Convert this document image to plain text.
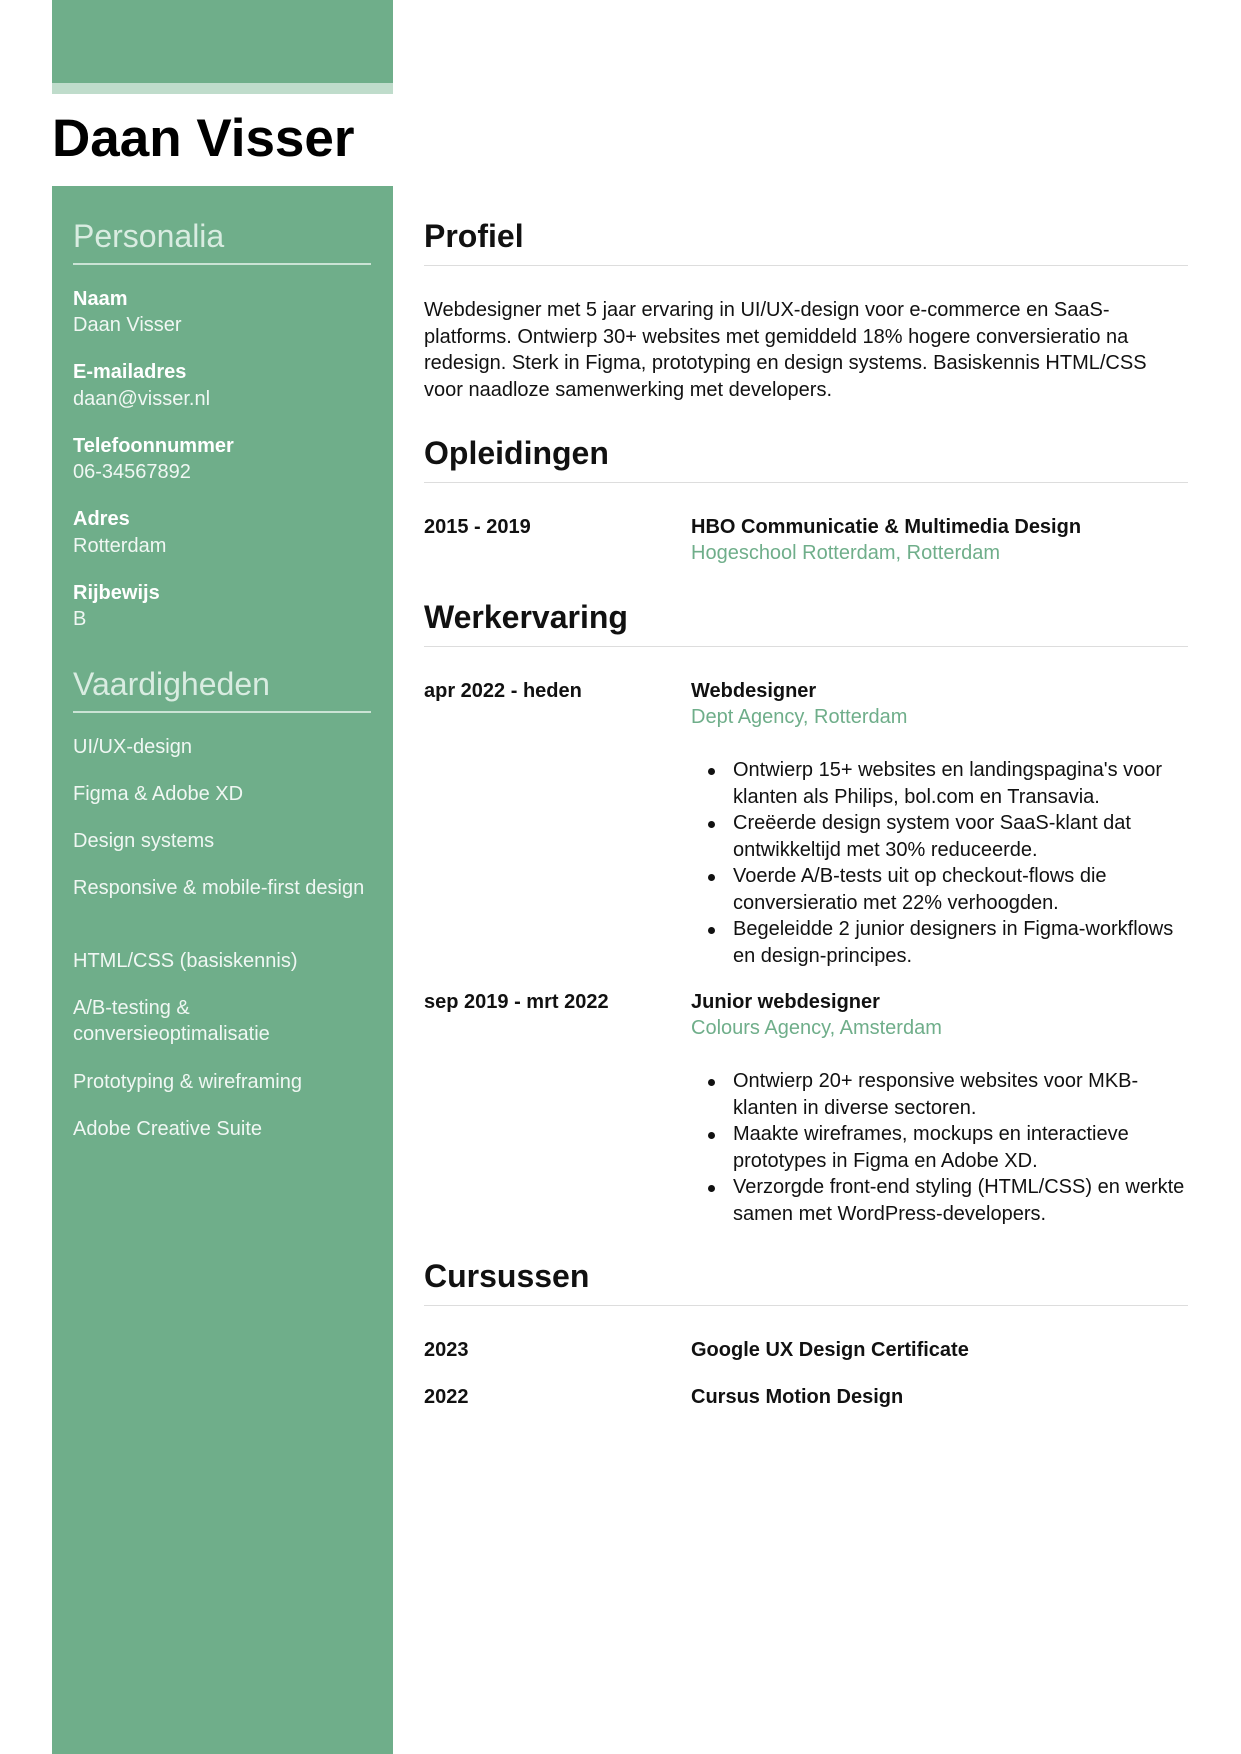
Daan Visser
Personalia
Naam
Daan Visser
E-mailadres
daan@visser.nl
Telefoonnummer
06-34567892
Adres
Rotterdam
Rijbewijs
B
Vaardigheden
UI/UX-design
Figma & Adobe XD
Design systems
Responsive & mobile-first design
HTML/CSS (basiskennis)
A/B-testing & conversieoptimalisatie
Prototyping & wireframing
Adobe Creative Suite
Profiel

Webdesigner met 5 jaar ervaring in UI/UX-design voor e-commerce en SaaS-platforms. Ontwierp 30+ websites met gemiddeld 18% hogere conversieratio na redesign. Sterk in Figma, prototyping en design systems. Basiskennis HTML/CSS voor naadloze samenwerking met developers.

Opleidingen
2015 - 2019	HBO Communicatie & Multimedia Design
Hogeschool Rotterdam, Rotterdam
Werkervaring
apr 2022 - heden	Webdesigner
Dept Agency, Rotterdam
Ontwierp 15+ websites en landingspagina's voor klanten als Philips, bol.com en Transavia.
Creëerde design system voor SaaS-klant dat ontwikkeltijd met 30% reduceerde.
Voerde A/B-tests uit op checkout-flows die conversieratio met 22% verhoogden.
Begeleidde 2 junior designers in Figma-workflows en design-principes.
sep 2019 - mrt 2022	Junior webdesigner
Colours Agency, Amsterdam
Ontwierp 20+ responsive websites voor MKB-klanten in diverse sectoren.
Maakte wireframes, mockups en interactieve prototypes in Figma en Adobe XD.
Verzorgde front-end styling (HTML/CSS) en werkte samen met WordPress-developers.
Cursussen
2023	Google UX Design Certificate
2022	Cursus Motion Design
